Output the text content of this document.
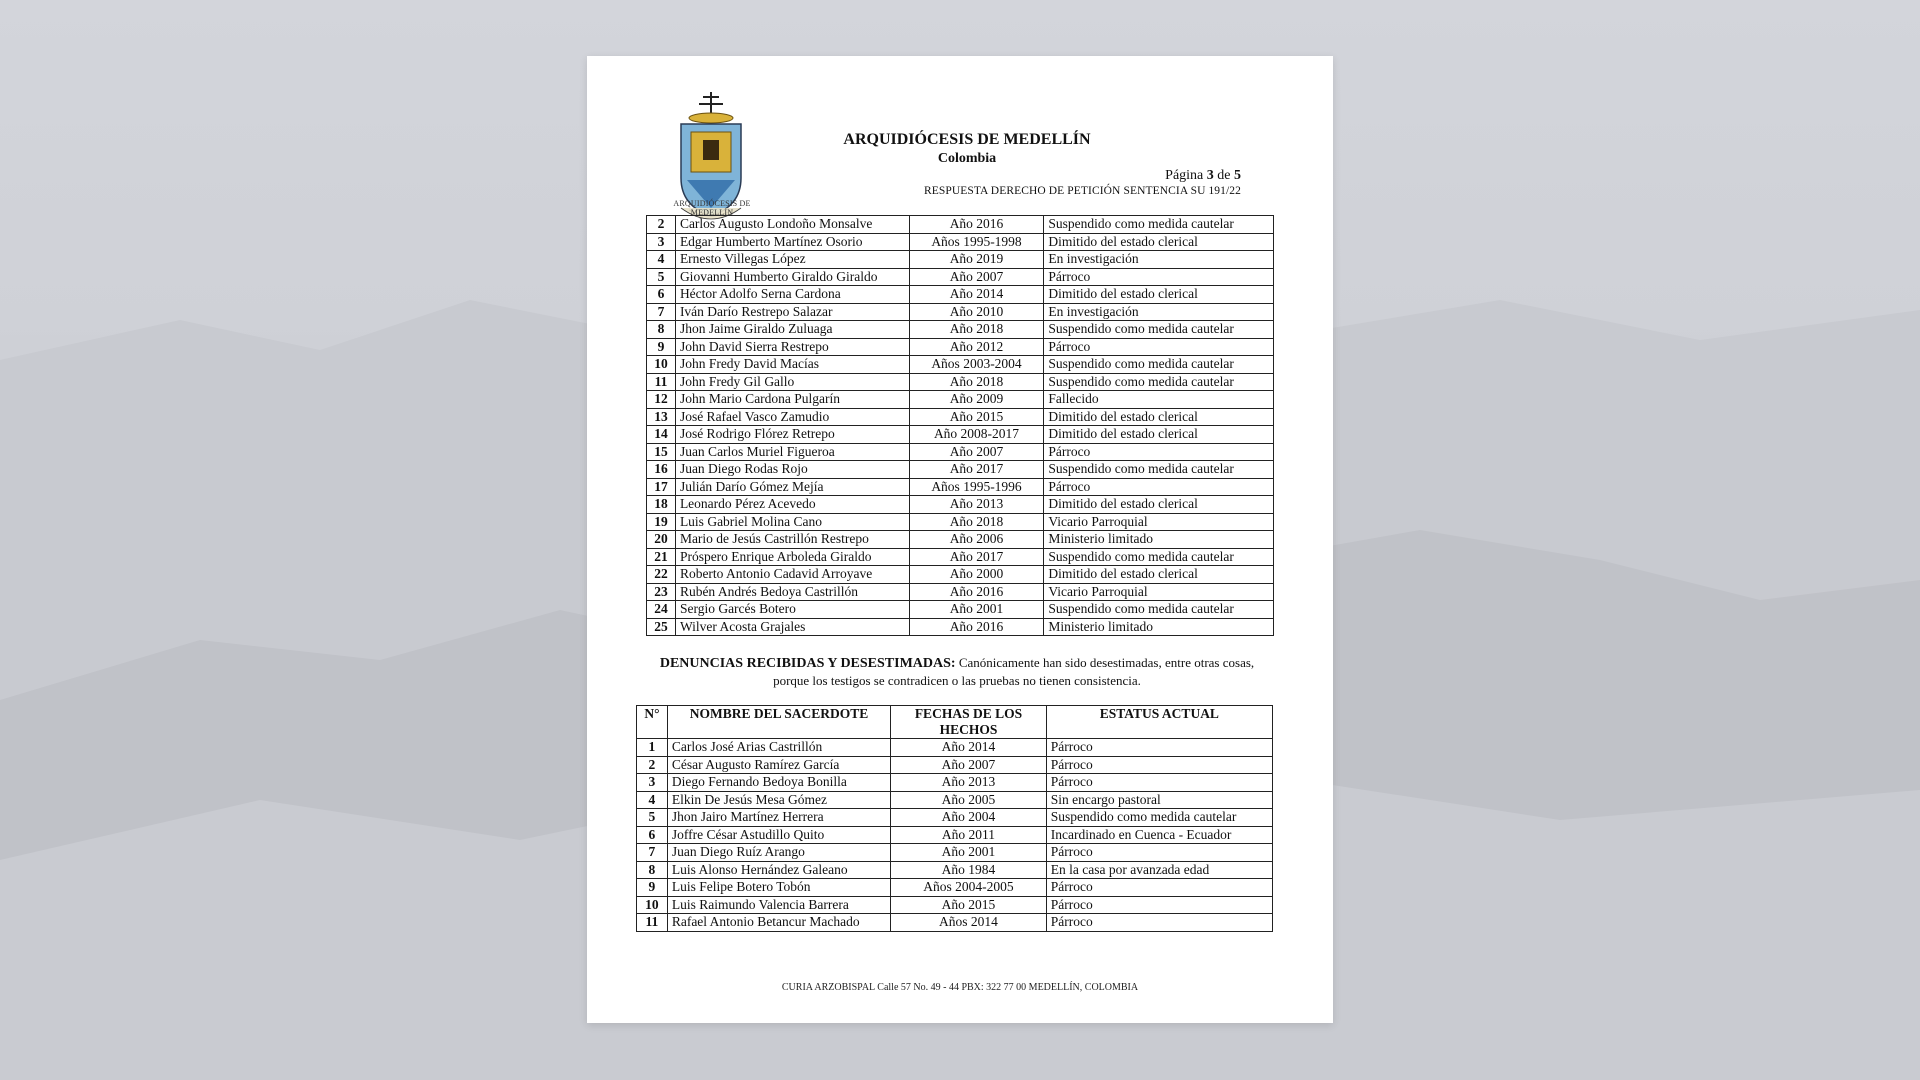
ARQUIDIÓCESIS DE MEDELLÍN
ARQUIDIÓCESIS DE MEDELLÍN
Colombia
Página 3 de 5
RESPUESTA DERECHO DE PETICIÓN SENTENCIA SU 191/22
2	Carlos Augusto Londoño Monsalve	Año 2016	Suspendido como medida cautelar
3	Edgar Humberto Martínez Osorio	Años 1995-1998	Dimitido del estado clerical
4	Ernesto Villegas López	Año 2019	En investigación
5	Giovanni Humberto Giraldo Giraldo	Año 2007	Párroco
6	Héctor Adolfo Serna Cardona	Año 2014	Dimitido del estado clerical
7	Iván Darío Restrepo Salazar	Año 2010	En investigación
8	Jhon Jaime Giraldo Zuluaga	Año 2018	Suspendido como medida cautelar
9	John David Sierra Restrepo	Año 2012	Párroco
10	John Fredy David Macías	Años 2003-2004	Suspendido como medida cautelar
11	John Fredy Gil Gallo	Año 2018	Suspendido como medida cautelar
12	John Mario Cardona Pulgarín	Año 2009	Fallecido
13	José Rafael Vasco Zamudio	Año 2015	Dimitido del estado clerical
14	José Rodrigo Flórez Retrepo	Año 2008-2017	Dimitido del estado clerical
15	Juan Carlos Muriel Figueroa	Año 2007	Párroco
16	Juan Diego Rodas Rojo	Año 2017	Suspendido como medida cautelar
17	Julián Darío Gómez Mejía	Años 1995-1996	Párroco
18	Leonardo Pérez Acevedo	Año 2013	Dimitido del estado clerical
19	Luis Gabriel Molina Cano	Año 2018	Vicario Parroquial
20	Mario de Jesús Castrillón Restrepo	Año 2006	Ministerio limitado
21	Próspero Enrique Arboleda Giraldo	Año 2017	Suspendido como medida cautelar
22	Roberto Antonio Cadavid Arroyave	Año 2000	Dimitido del estado clerical
23	Rubén Andrés Bedoya Castrillón	Año 2016	Vicario Parroquial
24	Sergio Garcés Botero	Año 2001	Suspendido como medida cautelar
25	Wilver Acosta Grajales	Año 2016	Ministerio limitado
DENUNCIAS RECIBIDAS Y DESESTIMADAS: Canónicamente han sido desestimadas, entre otras cosas, porque los testigos se contradicen o las pruebas no tienen consistencia.
N°	NOMBRE DEL SACERDOTE	FECHAS DE LOS HECHOS	ESTATUS ACTUAL
1	Carlos José Arias Castrillón	Año 2014	Párroco
2	César Augusto Ramírez García	Año 2007	Párroco
3	Diego Fernando Bedoya Bonilla	Año 2013	Párroco
4	Elkin De Jesús Mesa Gómez	Año 2005	Sin encargo pastoral
5	Jhon Jairo Martínez Herrera	Año 2004	Suspendido como medida cautelar
6	Joffre César Astudillo Quito	Año 2011	Incardinado en Cuenca - Ecuador
7	Juan Diego Ruíz Arango	Año 2001	Párroco
8	Luis Alonso Hernández Galeano	Año 1984	En la casa por avanzada edad
9	Luis Felipe Botero Tobón	Años 2004-2005	Párroco
10	Luis Raimundo Valencia Barrera	Año 2015	Párroco
11	Rafael Antonio Betancur Machado	Años 2014	Párroco
CURIA ARZOBISPAL Calle 57 No. 49 - 44 PBX: 322 77 00 MEDELLÍN, COLOMBIA
